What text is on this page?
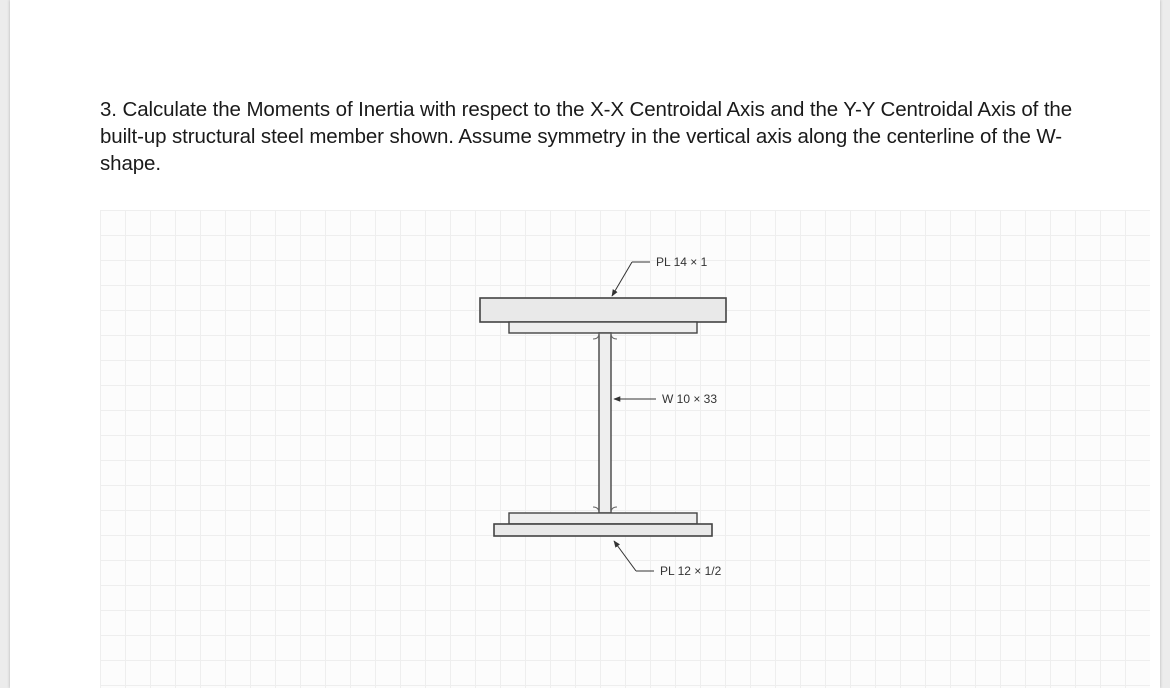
3. Calculate the Moments of Inertia with respect to the X-X Centroidal Axis and the Y-Y Centroidal Axis of the built-up structural steel member shown. Assume symmetry in the vertical axis along the centerline of the W-shape.

PL 14 × 1
W 10 × 33
PL 12 × 1/2
